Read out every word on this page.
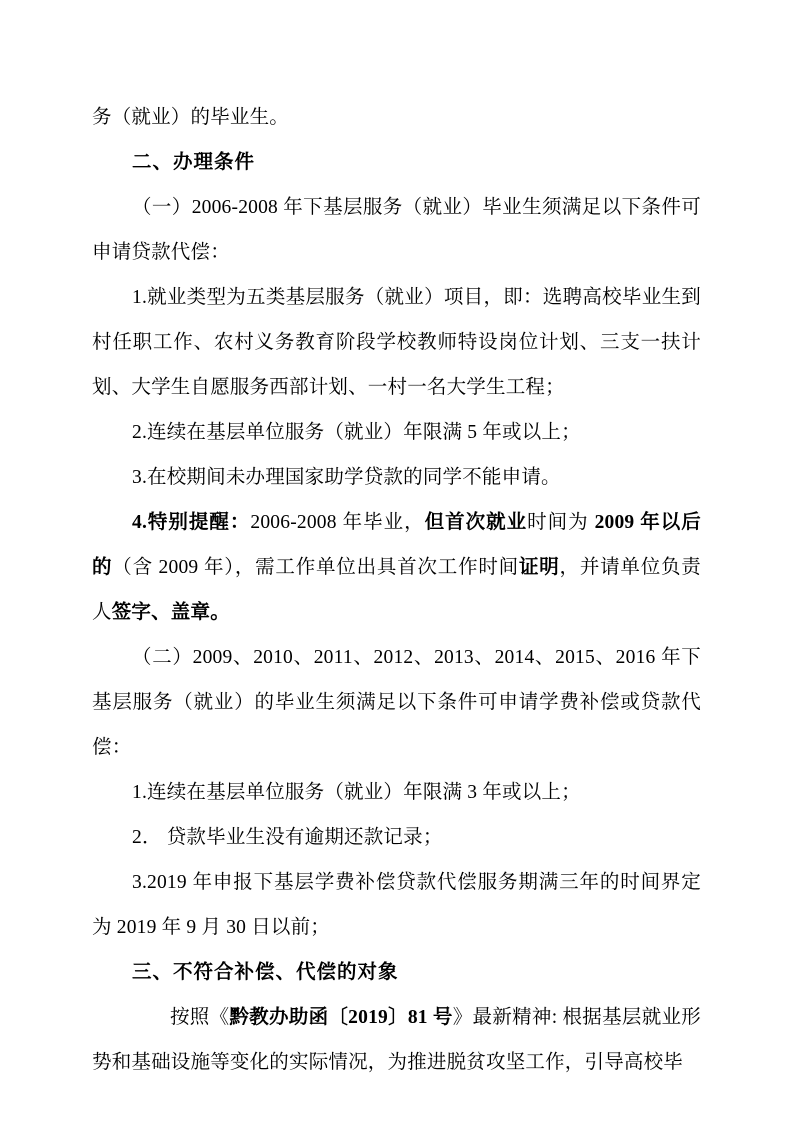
务（就业）的毕业生。

二、办理条件

（一）2006-2008 年下基层服务（就业）毕业生须满足以下条件可申请贷款代偿：

1.就业类型为五类基层服务（就业）项目，即：选聘高校毕业生到村任职工作、农村义务教育阶段学校教师特设岗位计划、三支一扶计划、大学生自愿服务西部计划、一村一名大学生工程；

2.连续在基层单位服务（就业）年限满 5 年或以上；

3.在校期间未办理国家助学贷款的同学不能申请。

4.特别提醒：2006-2008 年毕业，但首次就业时间为 2009 年以后的（含 2009 年），需工作单位出具首次工作时间证明，并请单位负责人签字、盖章。

（二）2009、2010、2011、2012、2013、2014、2015、2016 年下基层服务（就业）的毕业生须满足以下条件可申请学费补偿或贷款代偿：

1.连续在基层单位服务（就业）年限满 3 年或以上；

2． 贷款毕业生没有逾期还款记录；

3.2019 年申报下基层学费补偿贷款代偿服务期满三年的时间界定为 2019 年 9 月 30 日以前；

三、不符合补偿、代偿的对象

按照《黔教办助函〔2019〕81 号》最新精神: 根据基层就业形势和基础设施等变化的实际情况，为推进脱贫攻坚工作，引导高校毕
